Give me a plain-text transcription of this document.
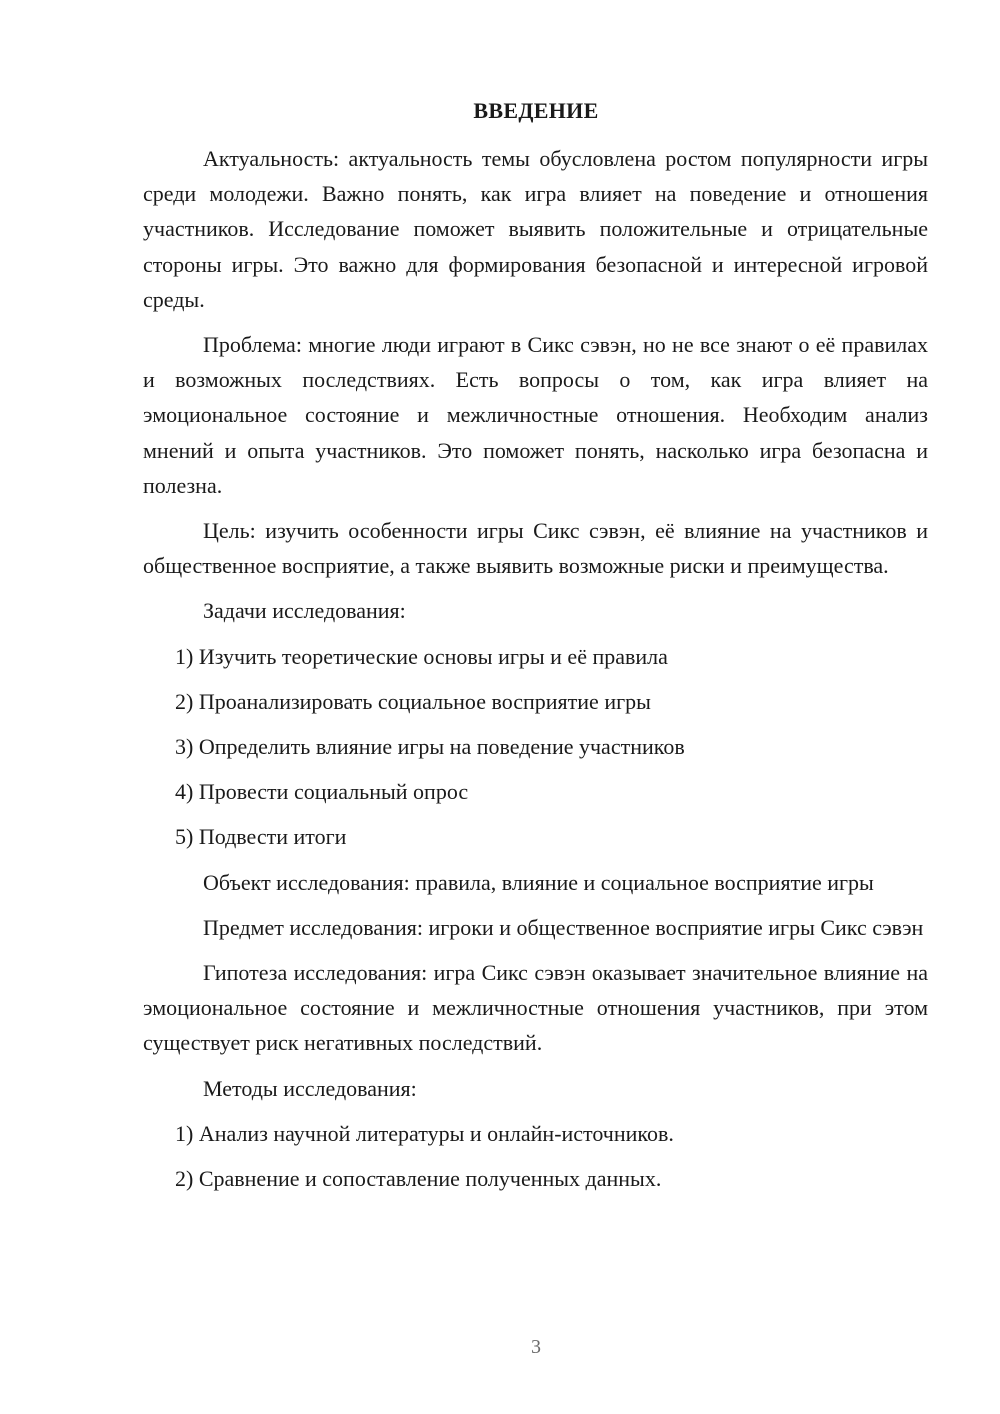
ВВЕДЕНИЕ

Актуальность: актуальность темы обусловлена ростом популярности игры среди молодежи. Важно понять, как игра влияет на поведение и отношения участников. Исследование поможет выявить положительные и отрицательные стороны игры. Это важно для формирования безопасной и интересной игровой среды.

Проблема: многие люди играют в Сикс сэвэн, но не все знают о её правилах и возможных последствиях. Есть вопросы о том, как игра влияет на эмоциональное состояние и межличностные отношения. Необходим анализ мнений и опыта участников. Это поможет понять, насколько игра безопасна и полезна.

Цель: изучить особенности игры Сикс сэвэн, её влияние на участников и общественное восприятие, а также выявить возможные риски и преимущества.

Задачи исследования:

1) Изучить теоретические основы игры и её правила

2) Проанализировать социальное восприятие игры

3) Определить влияние игры на поведение участников

4) Провести социальный опрос

5) Подвести итоги

Объект исследования: правила, влияние и социальное восприятие игры

Предмет исследования: игроки и общественное восприятие игры Сикс сэвэн

Гипотеза исследования: игра Сикс сэвэн оказывает значительное влияние на эмоциональное состояние и межличностные отношения участников, при этом существует риск негативных последствий.

Методы исследования:

1) Анализ научной литературы и онлайн-источников.

2) Сравнение и сопоставление полученных данных.

3
